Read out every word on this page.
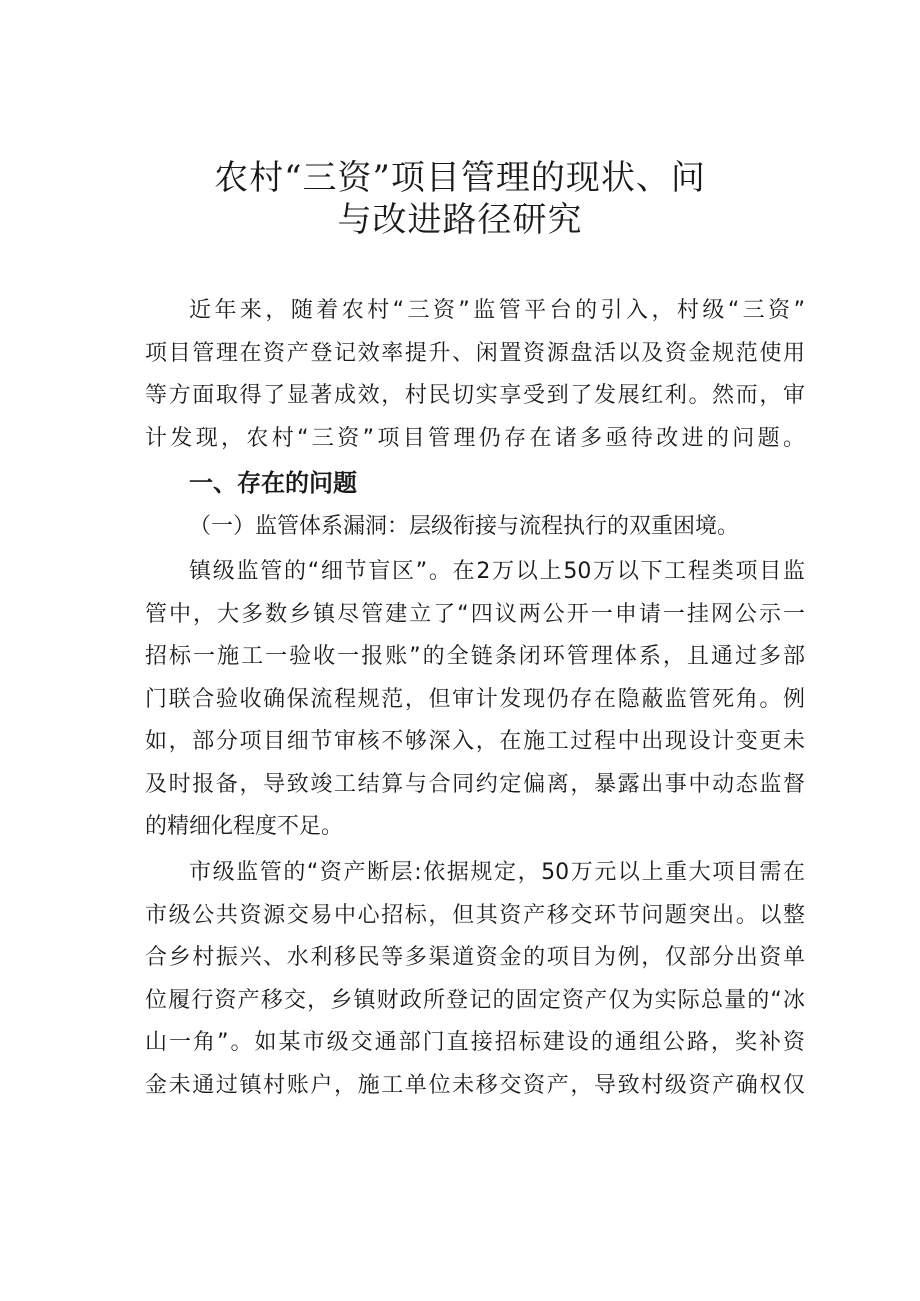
农村“三资”项目管理的现状、问
与改进路径研究
近年来，随着农村“三资”监管平台的引入，村级“三资”
项目管理在资产登记效率提升、闲置资源盘活以及资金规范使用
等方面取得了显著成效，村民切实享受到了发展红利。然而，审
计发现，农村“三资”项目管理仍存在诸多亟待改进的问题。
一、存在的问题
（一）监管体系漏洞：层级衔接与流程执行的双重困境。
镇级监管的“细节盲区”。在2万以上50万以下工程类项目监
管中，大多数乡镇尽管建立了“四议两公开一申请一挂网公示一
招标一施工一验收一报账”的全链条闭环管理体系，且通过多部
门联合验收确保流程规范，但审计发现仍存在隐蔽监管死角。例
如，部分项目细节审核不够深入，在施工过程中出现设计变更未
及时报备，导致竣工结算与合同约定偏离，暴露出事中动态监督
的精细化程度不足。
市级监管的“资产断层:依据规定，50万元以上重大项目需在
市级公共资源交易中心招标，但其资产移交环节问题突出。以整
合乡村振兴、水利移民等多渠道资金的项目为例，仅部分出资单
位履行资产移交，乡镇财政所登记的固定资产仅为实际总量的“冰
山一角”。如某市级交通部门直接招标建设的通组公路，奖补资
金未通过镇村账户，施工单位未移交资产，导致村级资产确权仅
